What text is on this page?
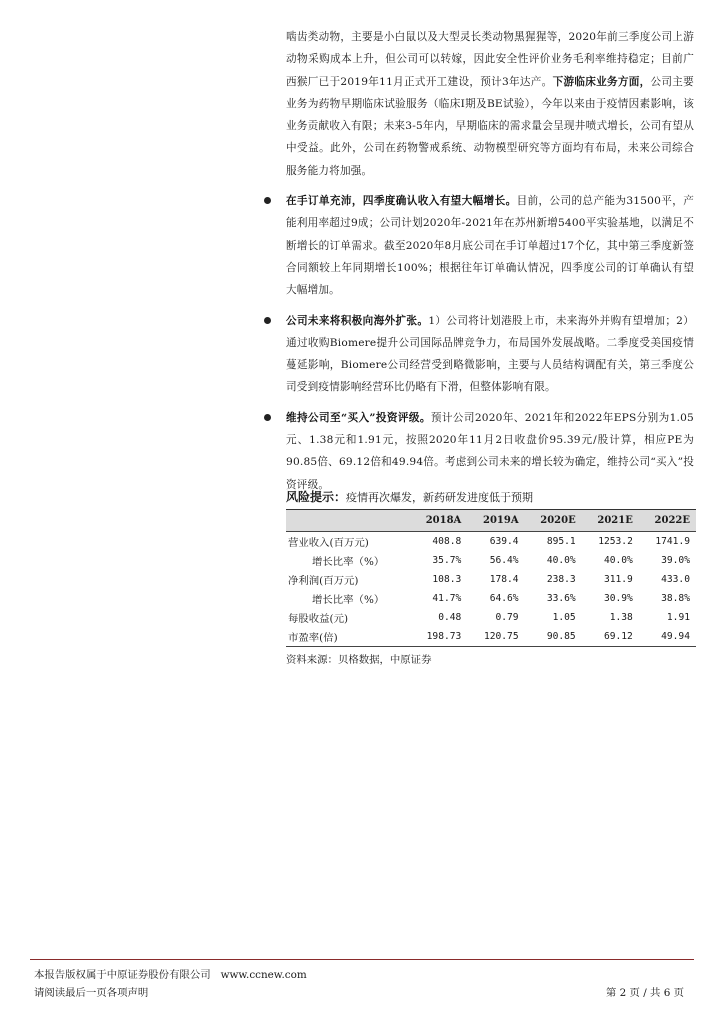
啮齿类动物，主要是小白鼠以及大型灵长类动物黑猩猩等，2020年前三季度公司上游动物采购成本上升，但公司可以转嫁，因此安全性评价业务毛利率维持稳定；目前广西猴厂已于2019年11月正式开工建设，预计3年达产。下游临床业务方面，公司主要业务为药物早期临床试验服务（临床I期及BE试验），今年以来由于疫情因素影响，该业务贡献收入有限；未来3-5年内，早期临床的需求量会呈现井喷式增长，公司有望从中受益。此外，公司在药物警戒系统、动物模型研究等方面均有布局，未来公司综合服务能力将加强。

在手订单充沛，四季度确认收入有望大幅增长。目前，公司的总产能为31500平，产能利用率超过9成；公司计划2020年-2021年在苏州新增5400平实验基地，以满足不断增长的订单需求。截至2020年8月底公司在手订单超过17个亿，其中第三季度新签合同额较上年同期增长100%；根据往年订单确认情况，四季度公司的订单确认有望大幅增加。

公司未来将积极向海外扩张。1）公司将计划港股上市，未来海外并购有望增加；2）通过收购Biomere提升公司国际品牌竞争力，布局国外发展战略。二季度受美国疫情蔓延影响，Biomere公司经营受到略微影响，主要与人员结构调配有关，第三季度公司受到疫情影响经营环比仍略有下滑，但整体影响有限。

维持公司至“买入”投资评级。预计公司2020年、2021年和2022年EPS分别为1.05元、1.38元和1.91元，按照2020年11月2日收盘价95.39元/股计算，相应PE为90.85倍、69.12倍和49.94倍。考虑到公司未来的增长较为确定，维持公司“买入”投资评级。

风险提示：疫情再次爆发，新药研发进度低于预期
	2018A	2019A	2020E	2021E	2022E
营业收入(百万元)	408.8	639.4	895.1	1253.2	1741.9
增长比率（%）	35.7%	56.4%	40.0%	40.0%	39.0%
净利润(百万元)	108.3	178.4	238.3	311.9	433.0
增长比率（%）	41.7%	64.6%	33.6%	30.9%	38.8%
每股收益(元)	0.48	0.79	1.05	1.38	1.91
市盈率(倍)	198.73	120.75	90.85	69.12	49.94
资料来源：贝格数据，中原证券
本报告版权属于中原证券股份有限公司 www.ccnew.com
请阅读最后一页各项声明	第 2 页 / 共 6 页
